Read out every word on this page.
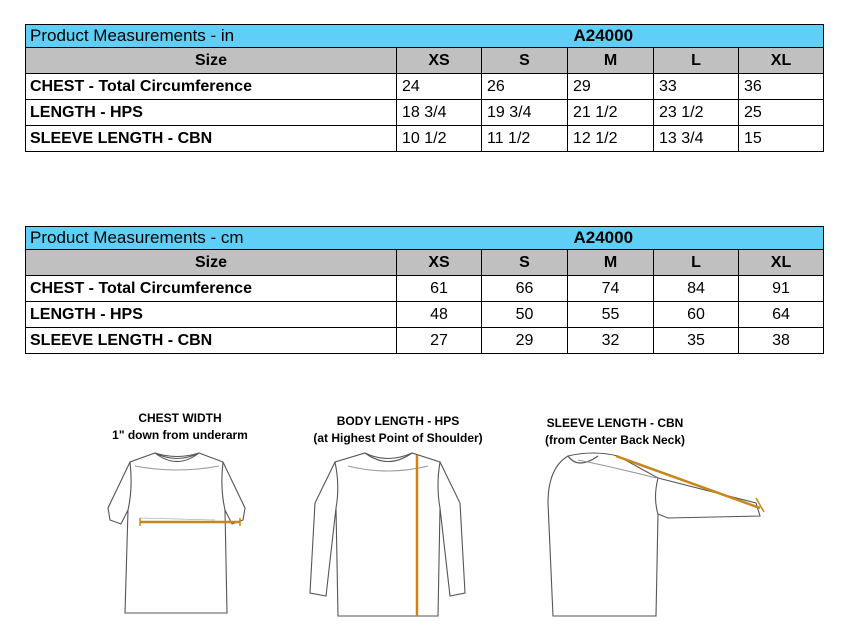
Product Measurements - in	A24000				
Size	XS	S	M	L	XL
CHEST - Total Circumference	24	26	29	33	36
LENGTH - HPS	18 3/4	19 3/4	21 1/2	23 1/2	25
SLEEVE LENGTH - CBN	10 1/2	11 1/2	12 1/2	13 3/4	15
Product Measurements - cm	A24000				
Size	XS	S	M	L	XL
CHEST - Total Circumference	61	66	74	84	91
LENGTH - HPS	48	50	55	60	64
SLEEVE LENGTH - CBN	27	29	32	35	38
CHEST WIDTH
1" down from underarm
BODY LENGTH - HPS
(at Highest Point of Shoulder)
SLEEVE LENGTH - CBN
(from Center Back Neck)
